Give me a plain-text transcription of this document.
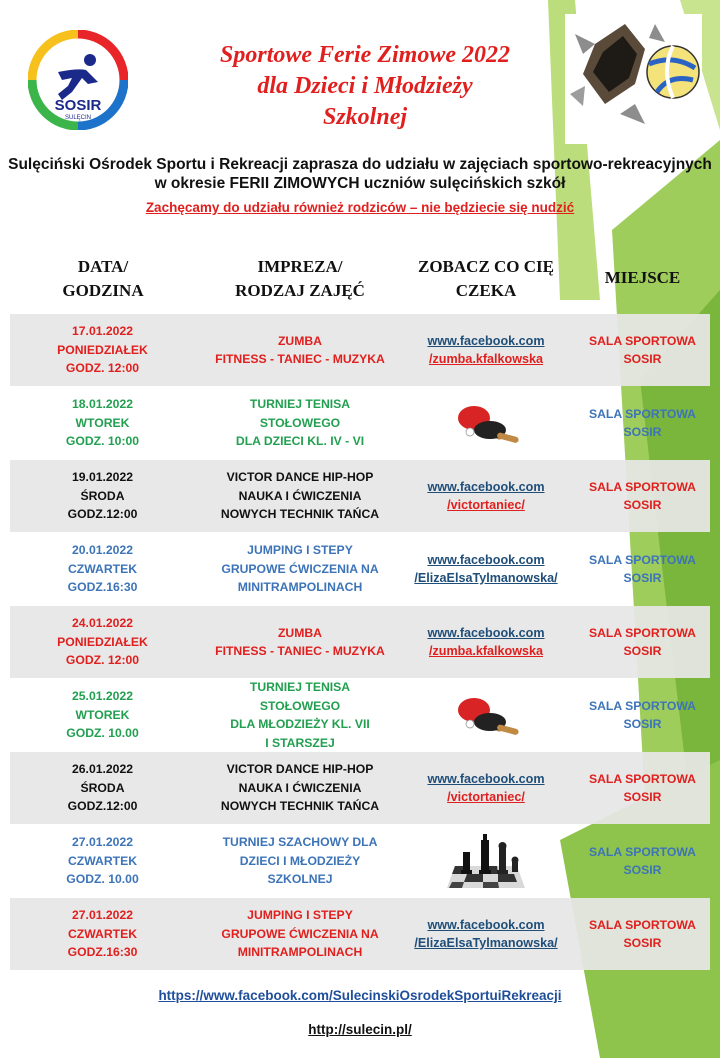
SOSIR
SULĘCIN
Sportowe Ferie Zimowe 2022
dla Dzieci i Młodzieży
Szkolnej
Sulęciński Ośrodek Sportu i Rekreacji zaprasza do udziału w zajęciach sportowo-rekreacyjnych w okresie FERII ZIMOWYCH uczniów sulęcińskich szkół
Zachęcamy do udziału również rodziców – nie będziecie się nudzić
DATA/
GODZINA
IMPREZA/
RODZAJ ZAJĘĆ
ZOBACZ CO CIĘ
CZEKA
MIEJSCE
17.01.2022
PONIEDZIAŁEK
GODZ. 12:00
ZUMBA
FITNESS - TANIEC - MUZYKA
www.facebook.com
/zumba.kfalkowska
SALA SPORTOWA
SOSIR
18.01.2022
WTOREK
GODZ. 10:00
TURNIEJ TENISA
STOŁOWEGO
DLA DZIECI KL. IV - VI
SALA SPORTOWA
SOSIR
19.01.2022
ŚRODA
GODZ.12:00
VICTOR DANCE HIP-HOP
NAUKA I ĆWICZENIA
NOWYCH TECHNIK TAŃCA
www.facebook.com
/victortaniec/
SALA SPORTOWA
SOSIR
20.01.2022
CZWARTEK
GODZ.16:30
JUMPING I STEPY
GRUPOWE ĆWICZENIA NA
MINITRAMPOLINACH
www.facebook.com
/ElizaElsaTylmanowska/
SALA SPORTOWA
SOSIR
24.01.2022
PONIEDZIAŁEK
GODZ. 12:00
ZUMBA
FITNESS - TANIEC - MUZYKA
www.facebook.com
/zumba.kfalkowska
SALA SPORTOWA
SOSIR
25.01.2022
WTOREK
GODZ. 10.00
TURNIEJ TENISA
STOŁOWEGO
DLA MŁODZIEŻY KL. VII
I STARSZEJ
SALA SPORTOWA
SOSIR
26.01.2022
ŚRODA
GODZ.12:00
VICTOR DANCE HIP-HOP
NAUKA I ĆWICZENIA
NOWYCH TECHNIK TAŃCA
www.facebook.com
/victortaniec/
SALA SPORTOWA
SOSIR
27.01.2022
CZWARTEK
GODZ. 10.00
TURNIEJ SZACHOWY DLA
DZIECI I MŁODZIEŻY
SZKOLNEJ
SALA SPORTOWA
SOSIR
27.01.2022
CZWARTEK
GODZ.16:30
JUMPING I STEPY
GRUPOWE ĆWICZENIA NA
MINITRAMPOLINACH
www.facebook.com
/ElizaElsaTylmanowska/
SALA SPORTOWA
SOSIR
https://www.facebook.com/SulecinskiOsrodekSportuiRekreacji
http://sulecin.pl/
